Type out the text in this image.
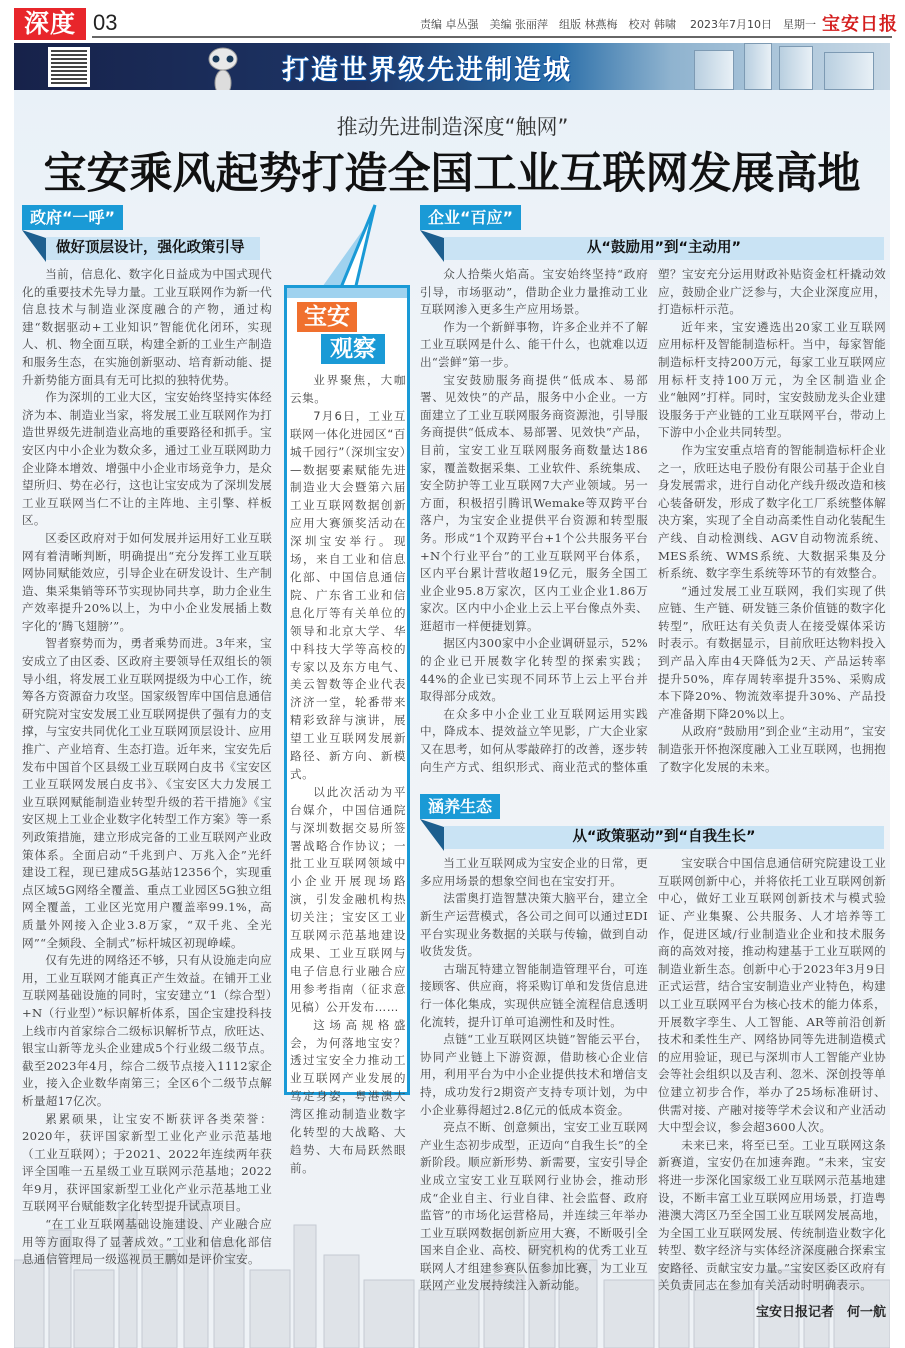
深度 03	责编 卓丛强　美编 张丽萍　组版 林燕梅　校对 韩啸 2023年7月10日　星期一 宝安日报
打造世界级先进制造城
推动先进制造深度“触网”
宝安乘风起势打造全国工业互联网发展高地
政府“一呼”
做好顶层设计，强化政策引导

当前，信息化、数字化日益成为中国式现代化的重要技术先导力量。工业互联网作为新一代信息技术与制造业深度融合的产物，通过构建“数据驱动+工业知识”智能优化闭环，实现人、机、物全面互联，构建全新的工业生产制造和服务生态，在实施创新驱动、培育新动能、提升新势能方面具有无可比拟的独特优势。

作为深圳的工业大区，宝安始终坚持实体经济为本、制造业当家，将发展工业互联网作为打造世界级先进制造业高地的重要路径和抓手。宝安区内中小企业为数众多，通过工业互联网助力企业降本增效、增强中小企业市场竞争力，是众望所归、势在必行，这也让宝安成为了深圳发展工业互联网当仁不让的主阵地、主引擎、样板区。

区委区政府对于如何发展并运用好工业互联网有着清晰判断，明确提出“充分发挥工业互联网协同赋能效应，引导企业在研发设计、生产制造、集采集销等环节实现协同共享，助力企业生产效率提升20%以上，为中小企业发展插上数字化的‘腾飞翅膀’”。

智者察势而为，勇者乘势而进。3年来，宝安成立了由区委、区政府主要领导任双组长的领导小组，将发展工业互联网提级为中心工作，统筹各方资源奋力攻坚。国家级智库中国信息通信研究院对宝安发展工业互联网提供了强有力的支撑，与宝安共同优化工业互联网顶层设计、应用推广、产业培育、生态打造。近年来，宝安先后发布中国首个区县级工业互联网白皮书《宝安区工业互联网发展白皮书》、《宝安区大力发展工业互联网赋能制造业转型升级的若干措施》《宝安区规上工业企业数字化转型工作方案》等一系列政策措施，建立形成完备的工业互联网产业政策体系。全面启动“千兆到户、万兆入企”光纤建设工程，现已建成5G基站12356个，实现重点区域5G网络全覆盖、重点工业园区5G独立组网全覆盖，工业区光宽用户覆盖率99.1%，高质量外网接入企业3.8万家，“双千兆、全光网”“全频段、全制式”标杆城区初现峥嵘。

仅有先进的网络还不够，只有从设施走向应用，工业互联网才能真正产生效益。在铺开工业互联网基础设施的同时，宝安建立“1（综合型）+N（行业型）”标识解析体系，国企宝建投科技上线市内首家综合二级标识解析节点，欣旺达、银宝山新等龙头企业建成5个行业级二级节点。截至2023年4月，综合二级节点接入1112家企业，接入企业数华南第三；全区6个二级节点解析量超17亿次。

累累硕果，让宝安不断获评各类荣誉：2020年，获评国家新型工业化产业示范基地（工业互联网）；于2021、2022年连续两年获评全国唯一五星级工业互联网示范基地；2022年9月，获评国家新型工业化产业示范基地工业互联网平台赋能数字化转型提升试点项目。

“在工业互联网基础设施建设、产业融合应用等方面取得了显著成效。”工业和信息化部信息通信管理局一级巡视员王鹏如是评价宝安。

宝安
观察

业界聚焦，大咖云集。

7月6日，工业互联网一体化进园区“百城千园行”（深圳宝安）—数据要素赋能先进制造业大会暨第六届工业互联网数据创新应用大赛颁奖活动在深圳宝安举行。现场，来自工业和信息化部、中国信息通信院、广东省工业和信息化厅等有关单位的领导和北京大学、华中科技大学等高校的专家以及东方电气、美云智数等企业代表济济一堂，轮番带来精彩致辞与演讲，展望工业互联网发展新路径、新方向、新模式。

以此次活动为平台媒介，中国信通院与深圳数据交易所签署战略合作协议；一批工业互联网领域中小企业开展现场路演，引发金融机构热切关注；宝安区工业互联网示范基地建设成果、工业互联网与电子信息行业融合应用参考指南（征求意见稿）公开发布……

这场高规格盛会，为何落地宝安？透过宝安全力推动工业互联网产业发展的笃定身姿，粤港澳大湾区推动制造业数字化转型的大战略、大趋势、大布局跃然眼前。

企业“百应”
从“鼓励用”到“主动用”

众人拾柴火焰高。宝安始终坚持“政府引导，市场驱动”，借助企业力量推动工业互联网渗入更多生产应用场景。

作为一个新鲜事物，许多企业并不了解工业互联网是什么、能干什么，也就难以迈出“尝鲜”第一步。

宝安鼓励服务商提供“低成本、易部署、见效快”的产品，服务中小企业。一方面建立了工业互联网服务商资源池，引导服务商提供“低成本、易部署、见效快”产品，目前，宝安工业互联网服务商数量达186家，覆盖数据采集、工业软件、系统集成、安全防护等工业互联网7大产业领域。另一方面，积极招引腾讯Wemake等双跨平台落户，为宝安企业提供平台资源和转型服务。形成“1个双跨平台+1个公共服务平台+N个行业平台”的工业互联网平台体系，区内平台累计营收超19亿元，服务全国工业企业95.8万家次，区内工业企业1.86万家次。区内中小企业上云上平台像点外卖、逛超市一样便捷划算。

据区内300家中小企业调研显示，52%的企业已开展数字化转型的探索实践；44%的企业已实现不同环节上云上平台并取得部分成效。

在众多中小企业工业互联网运用实践中，降成本、提效益立竿见影，广大企业家又在思考，如何从零敲碎打的改善，逐步转向生产方式、组织形式、商业范式的整体重塑？宝安充分运用财政补贴资金杠杆撬动效应，鼓励企业广泛参与，大企业深度应用，打造标杆示范。

近年来，宝安遴选出20家工业互联网应用标杆及智能制造标杆。当中，每家智能制造标杆支持200万元，每家工业互联网应用标杆支持100万元，为全区制造业企业“触网”打样。同时，宝安鼓励龙头企业建设服务于产业链的工业互联网平台，带动上下游中小企业共同转型。

作为宝安重点培育的智能制造标杆企业之一，欣旺达电子股份有限公司基于企业自身发展需求，进行自动化产线升级改造和核心装备研发，形成了数字化工厂系统整体解决方案，实现了全自动高柔性自动化装配生产线、自动检测线、AGV自动物流系统、MES系统、WMS系统、大数据采集及分析系统、数字孪生系统等环节的有效整合。

“通过发展工业互联网，我们实现了供应链、生产链、研发链三条价值链的数字化转型”，欣旺达有关负责人在接受媒体采访时表示。有数据显示，目前欣旺达物料投入到产品入库由4天降低为2天、产品运转率提升50%，库存周转率提升35%、采购成本下降20%、物流效率提升30%、产品投产准备期下降20%以上。

从政府“鼓励用”到企业“主动用”，宝安制造张开怀抱深度融入工业互联网，也拥抱了数字化发展的未来。

涵养生态
从“政策驱动”到“自我生长”

当工业互联网成为宝安企业的日常，更多应用场景的想象空间也在宝安打开。

法雷奥打造智慧决策大脑平台，建立全新生产运营模式，各公司之间可以通过EDI平台实现业务数据的关联与传输，做到自动收货发货。

古瑞瓦特建立智能制造管理平台，可连接顾客、供应商，将采购订单和发货信息进行一体化集成，实现供应链全流程信息透明化流转，提升订单可追溯性和及时性。

点链“工业互联网区块链”智能云平台，协同产业链上下游资源，借助核心企业信用，利用平台为中小企业提供技术和增信支持，成功发行2期资产支持专项计划，为中小企业募得超过2.8亿元的低成本资金。

亮点不断、创意频出，宝安工业互联网产业生态初步成型，正迈向“自我生长”的全新阶段。顺应新形势、新需要，宝安引导企业成立宝安工业互联网行业协会，推动形成“企业自主、行业自律、社会监督、政府监管”的市场化运营格局，并连续三年举办工业互联网数据创新应用大赛，不断吸引全国来自企业、高校、研究机构的优秀工业互联网人才组建参赛队伍参加比赛，为工业互联网产业发展持续注入新动能。

宝安联合中国信息通信研究院建设工业互联网创新中心，并将依托工业互联网创新中心，做好工业互联网创新技术与模式验证、产业集聚、公共服务、人才培养等工作，促进区域/行业制造业企业和技术服务商的高效对接，推动构建基于工业互联网的制造业新生态。创新中心于2023年3月9日正式运营，结合宝安制造业产业特色，构建以工业互联网平台为核心技术的能力体系，开展数字孪生、人工智能、AR等前沿创新技术和柔性生产、网络协同等先进制造模式的应用验证，现已与深圳市人工智能产业协会等社会组织以及吉利、忽米、深创投等单位建立初步合作，举办了25场标准研讨、供需对接、产融对接等学术会议和产业活动大中型会议，参会超3600人次。

未来已来，将至已至。工业互联网这条新赛道，宝安仍在加速奔跑。“未来，宝安将进一步深化国家级工业互联网示范基地建设，不断丰富工业互联网应用场景，打造粤港澳大湾区乃至全国工业互联网发展高地，为全国工业互联网发展、传统制造业数字化转型、数字经济与实体经济深度融合探索宝安路径、贡献宝安力量。”宝安区委区政府有关负责同志在参加有关活动时明确表示。

宝安日报记者　何一航
